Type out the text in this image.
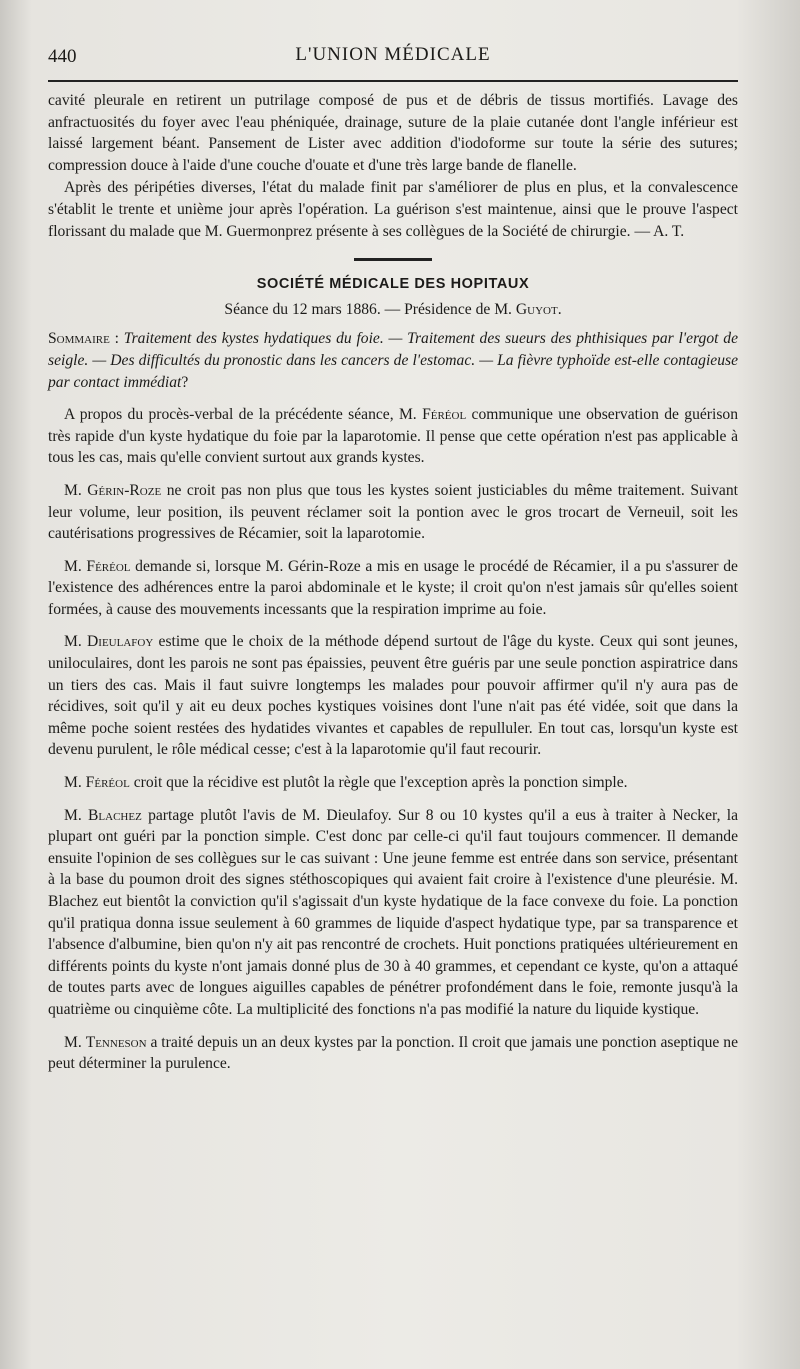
440	L'UNION MÉDICALE

cavité pleurale en retirent un putrilage composé de pus et de débris de tissus mortifiés. Lavage des anfractuosités du foyer avec l'eau phéniquée, drainage, suture de la plaie cutanée dont l'angle inférieur est laissé largement béant. Pansement de Lister avec addition d'iodoforme sur toute la série des sutures; compression douce à l'aide d'une couche d'ouate et d'une très large bande de flanelle.

Après des péripéties diverses, l'état du malade finit par s'améliorer de plus en plus, et la convalescence s'établit le trente et unième jour après l'opération. La guérison s'est maintenue, ainsi que le prouve l'aspect florissant du malade que M. Guermonprez présente à ses collègues de la Société de chirurgie. — A. T.

SOCIÉTÉ MÉDICALE DES HOPITAUX
Séance du 12 mars 1886. — Présidence de M. Guyot.

Sommaire : Traitement des kystes hydatiques du foie. — Traitement des sueurs des phthisiques par l'ergot de seigle. — Des difficultés du pronostic dans les cancers de l'estomac. — La fièvre typhoïde est-elle contagieuse par contact immédiat?

A propos du procès-verbal de la précédente séance, M. Féréol communique une observation de guérison très rapide d'un kyste hydatique du foie par la laparotomie. Il pense que cette opération n'est pas applicable à tous les cas, mais qu'elle convient surtout aux grands kystes.

M. Gérin-Roze ne croit pas non plus que tous les kystes soient justiciables du même traitement. Suivant leur volume, leur position, ils peuvent réclamer soit la pontion avec le gros trocart de Verneuil, soit les cautérisations progressives de Récamier, soit la laparotomie.

M. Féréol demande si, lorsque M. Gérin-Roze a mis en usage le procédé de Récamier, il a pu s'assurer de l'existence des adhérences entre la paroi abdominale et le kyste; il croit qu'on n'est jamais sûr qu'elles soient formées, à cause des mouvements incessants que la respiration imprime au foie.

M. Dieulafoy estime que le choix de la méthode dépend surtout de l'âge du kyste. Ceux qui sont jeunes, uniloculaires, dont les parois ne sont pas épaissies, peuvent être guéris par une seule ponction aspiratrice dans un tiers des cas. Mais il faut suivre longtemps les malades pour pouvoir affirmer qu'il n'y aura pas de récidives, soit qu'il y ait eu deux poches kystiques voisines dont l'une n'ait pas été vidée, soit que dans la même poche soient restées des hydatides vivantes et capables de repulluler. En tout cas, lorsqu'un kyste est devenu purulent, le rôle médical cesse; c'est à la laparotomie qu'il faut recourir.

M. Féréol croit que la récidive est plutôt la règle que l'exception après la ponction simple.

M. Blachez partage plutôt l'avis de M. Dieulafoy. Sur 8 ou 10 kystes qu'il a eus à traiter à Necker, la plupart ont guéri par la ponction simple. C'est donc par celle-ci qu'il faut toujours commencer. Il demande ensuite l'opinion de ses collègues sur le cas suivant : Une jeune femme est entrée dans son service, présentant à la base du poumon droit des signes stéthoscopiques qui avaient fait croire à l'existence d'une pleurésie. M. Blachez eut bientôt la conviction qu'il s'agissait d'un kyste hydatique de la face convexe du foie. La ponction qu'il pratiqua donna issue seulement à 60 grammes de liquide d'aspect hydatique type, par sa transparence et l'absence d'albumine, bien qu'on n'y ait pas rencontré de crochets. Huit ponctions pratiquées ultérieurement en différents points du kyste n'ont jamais donné plus de 30 à 40 grammes, et cependant ce kyste, qu'on a attaqué de toutes parts avec de longues aiguilles capables de pénétrer profondément dans le foie, remonte jusqu'à la quatrième ou cinquième côte. La multiplicité des fonctions n'a pas modifié la nature du liquide kystique.

M. Tenneson a traité depuis un an deux kystes par la ponction. Il croit que jamais une ponction aseptique ne peut déterminer la purulence.
